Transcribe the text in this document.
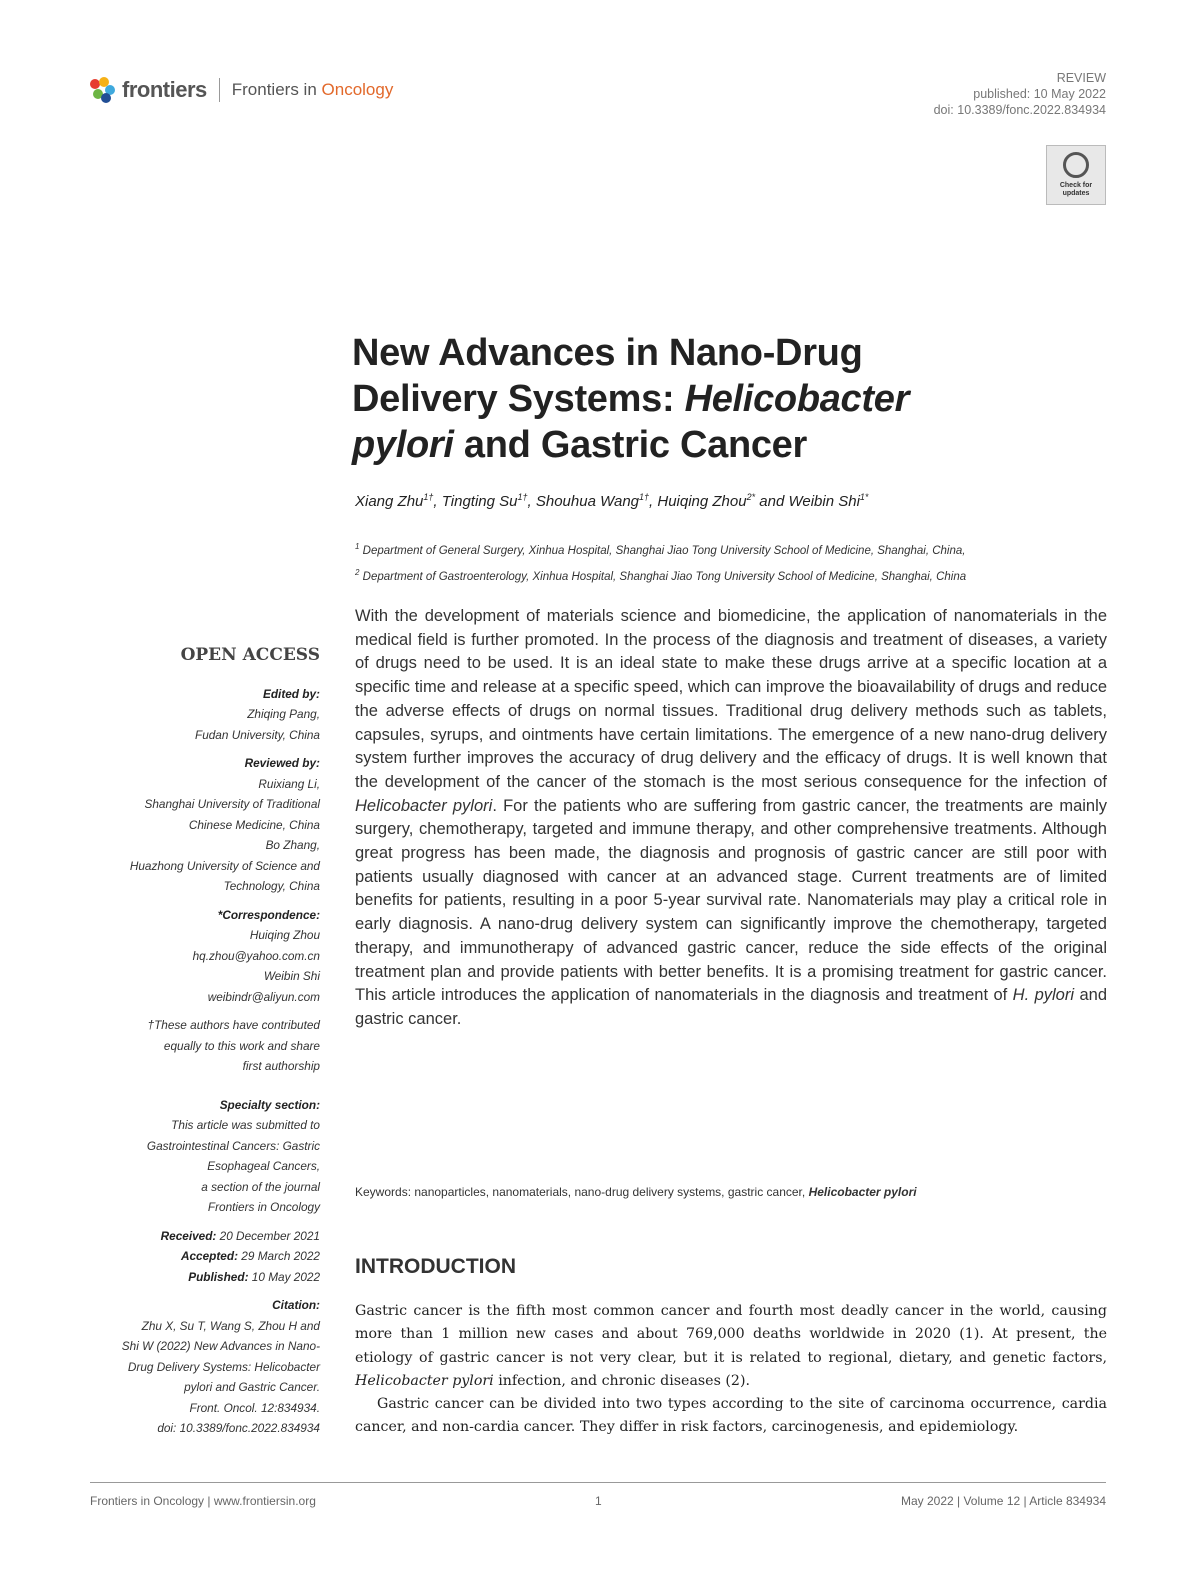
frontiers Frontiers in Oncology
REVIEW
published: 10 May 2022
doi: 10.3389/fonc.2022.834934
Check for
updates
New Advances in Nano-Drug
Delivery Systems: Helicobacter
pylori and Gastric Cancer
Xiang Zhu$^{1\dagger}$, Tingting $Su^{1\dagger}$, Shouhua Wang$^{1\dagger}$, Huiqing Zhou$^{2*}$ and Weibin Shi$^{1*}$
$^1$ Department of General Surgery, Xinhua Hospital, Shanghai Jiao Tong University School of Medicine, Shanghai, China,
$^2$ Department of Gastroenterology, Xinhua Hospital, Shanghai Jiao Tong University School of Medicine, Shanghai, China

With the development of materials science and biomedicine, the application of nanomaterials in the medical field is further promoted. In the process of the diagnosis and treatment of diseases, a variety of drugs need to be used. It is an ideal state to make these drugs arrive at a specific location at a specific time and release at a specific speed, which can improve the bioavailability of drugs and reduce the adverse effects of drugs on normal tissues. Traditional drug delivery methods such as tablets, capsules, syrups, and ointments have certain limitations. The emergence of a new nano-drug delivery system further improves the accuracy of drug delivery and the efficacy of drugs. It is well known that the development of the cancer of the stomach is the most serious consequence for the infection of Helicobacter pylori. For the patients who are suffering from gastric cancer, the treatments are mainly surgery, chemotherapy, targeted and immune therapy, and other comprehensive treatments. Although great progress has been made, the diagnosis and prognosis of gastric cancer are still poor with patients usually diagnosed with cancer at an advanced stage. Current treatments are of limited benefits for patients, resulting in a poor 5-year survival rate. Nanomaterials may play a critical role in early diagnosis. A nano-drug delivery system can significantly improve the chemotherapy, targeted therapy, and immunotherapy of advanced gastric cancer, reduce the side effects of the original treatment plan and provide patients with better benefits. It is a promising treatment for gastric cancer. This article introduces the application of nanomaterials in the diagnosis and treatment of H. pylori and gastric cancer.

Keywords: nanoparticles, nanomaterials, nano-drug delivery systems, gastric cancer, Helicobacter pylori
INTRODUCTION

Gastric cancer is the fifth most common cancer and fourth most deadly cancer in the world, causing more than 1 million new cases and about 769,000 deaths worldwide in 2020 (1). At present, the etiology of gastric cancer is not very clear, but it is related to regional, dietary, and genetic factors, Helicobacter pylori infection, and chronic diseases (2).

Gastric cancer can be divided into two types according to the site of carcinoma occurrence, cardia cancer, and non-cardia cancer. They differ in risk factors, carcinogenesis, and epidemiology.

OPEN ACCESS
Edited by:
Zhiqing Pang,
Fudan University, China
Reviewed by:
Ruixiang Li,
Shanghai University of Traditional
Chinese Medicine, China
Bo Zhang,
Huazhong University of Science and
Technology, China
*Correspondence:
Huiqing Zhou
hq.zhou@yahoo.com.cn
Weibin Shi
weibindr@aliyun.com
†These authors have contributed
equally to this work and share
first authorship
Specialty section:
This article was submitted to
Gastrointestinal Cancers: Gastric
Esophageal Cancers,
a section of the journal
Frontiers in Oncology
Received: 20 December 2021
Accepted: 29 March 2022
Published: 10 May 2022
Citation:
Zhu X, Su T, Wang S, Zhou H and
Shi W (2022) New Advances in Nano-
Drug Delivery Systems: Helicobacter
pylori and Gastric Cancer.
Front. Oncol. 12:834934.
doi: 10.3389/fonc.2022.834934
Frontiers in Oncology | www.frontiersin.org	1	May 2022 | Volume 12 | Article 834934
